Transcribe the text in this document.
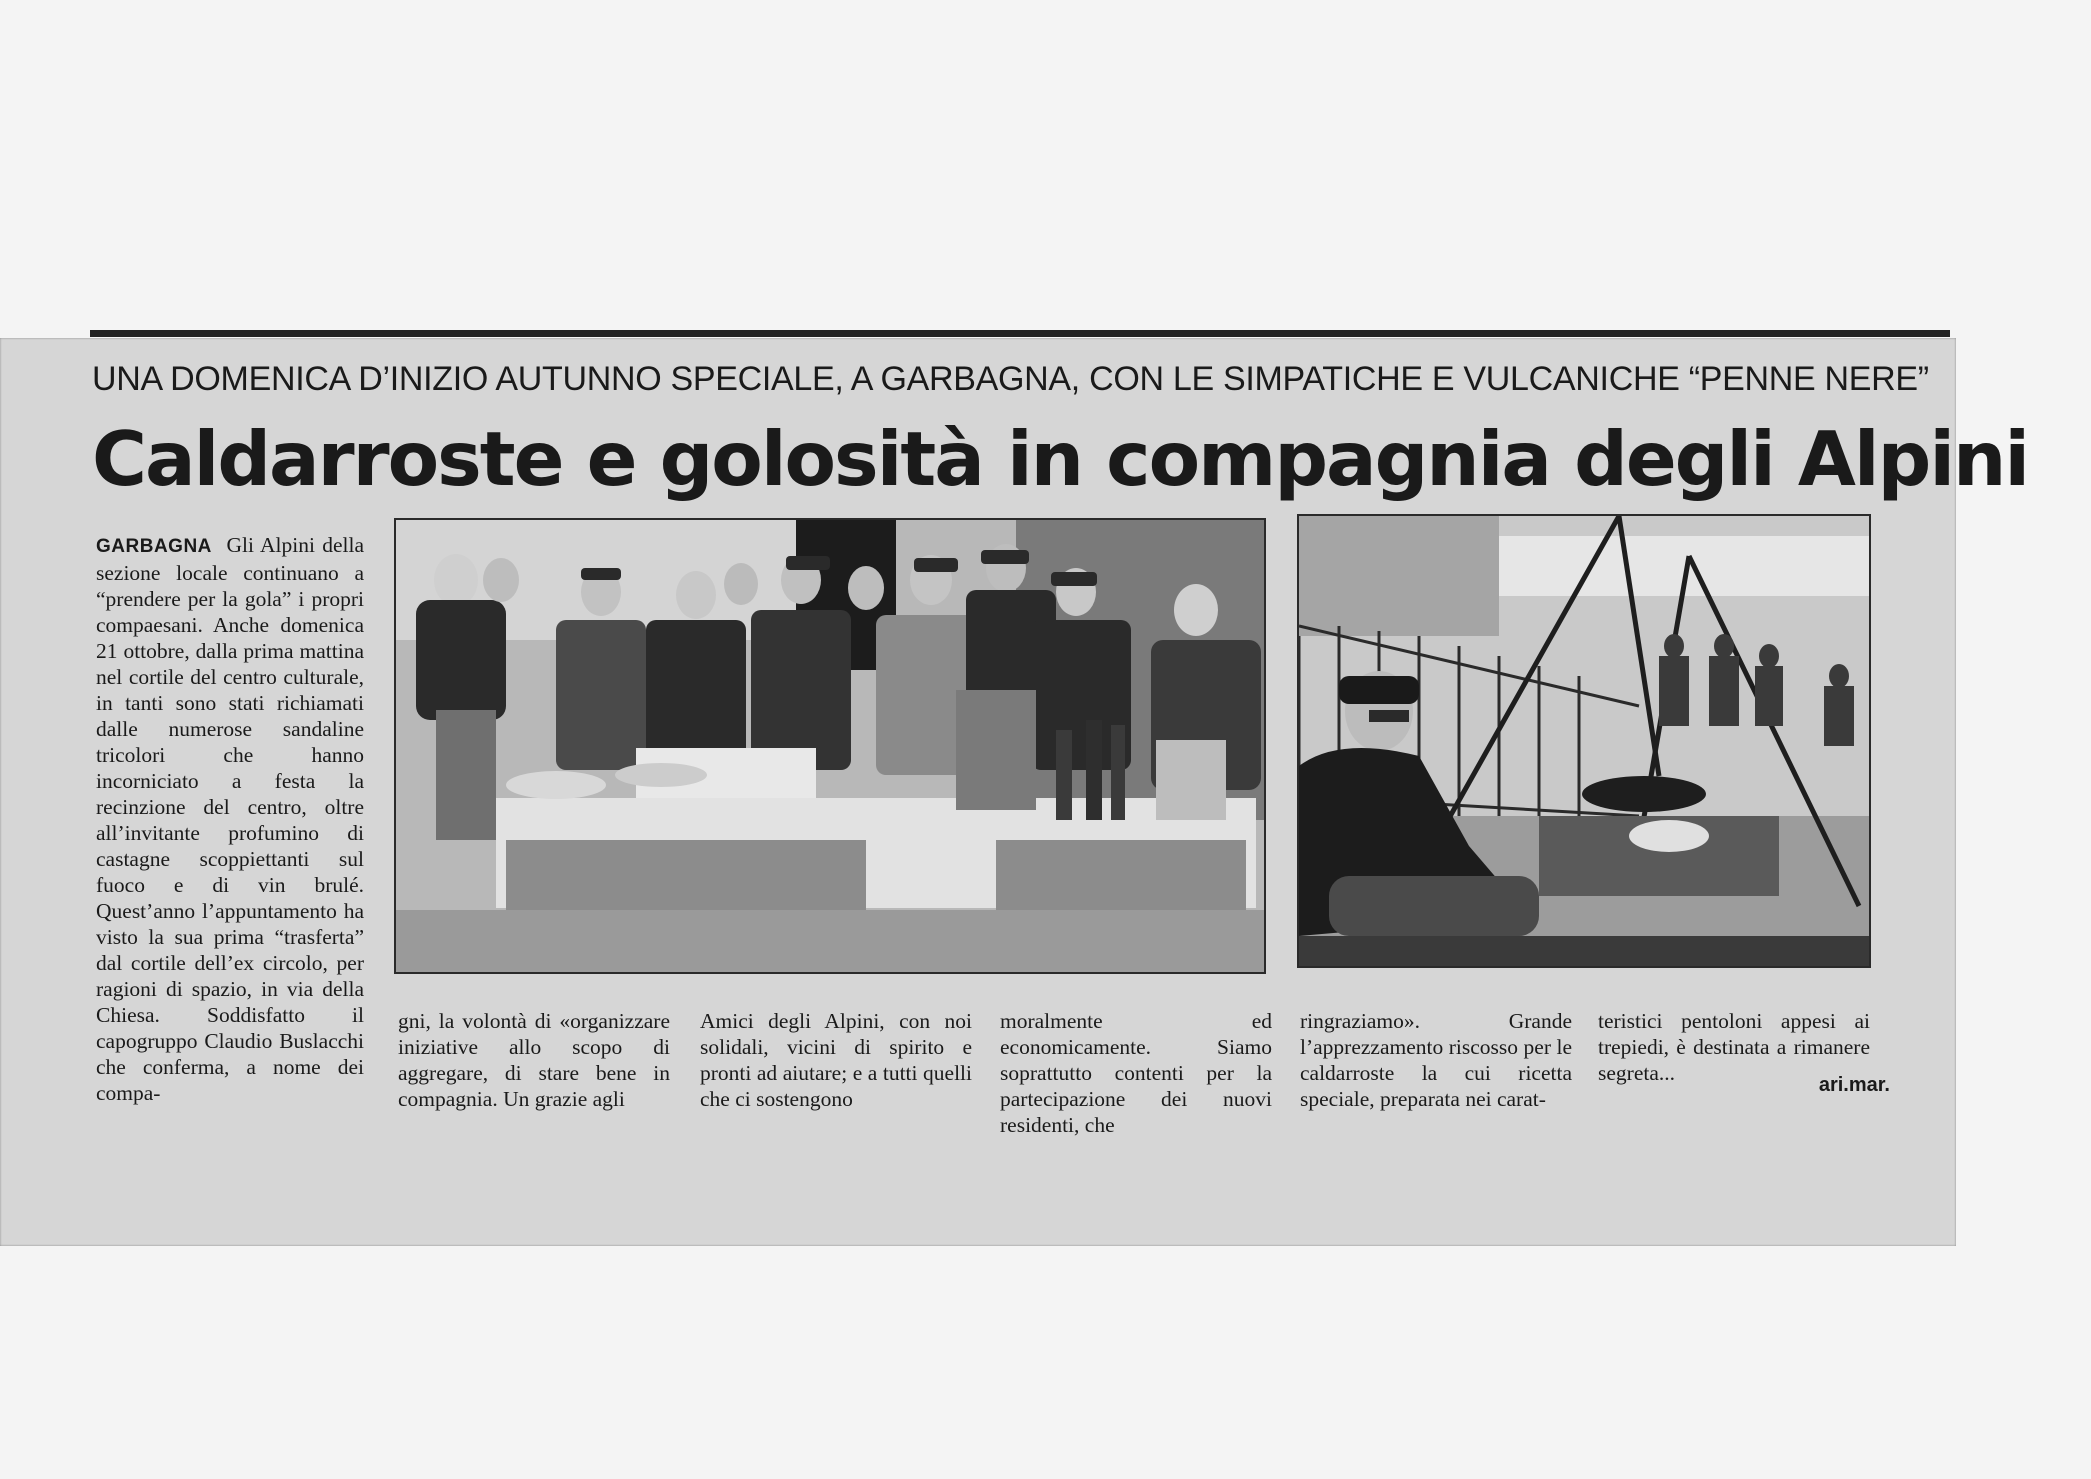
UNA DOMENICA D’INIZIO AUTUNNO SPECIALE, A GARBAGNA, CON LE SIMPATICHE E VULCANICHE “PENNE NERE”
Caldarroste e golosità in compagnia degli Alpini
GARBAGNA Gli Alpini della sezione locale continuano a “prendere per la gola” i propri compaesani. Anche domenica 21 ottobre, dalla prima mattina nel cortile del centro culturale, in tanti sono stati richiamati dalle numerose sandaline tricolori che hanno incorniciato a festa la recinzione del centro, oltre all’invitante profumino di castagne scoppiettanti sul fuoco e di vin brulé. Quest’anno l’appuntamento ha visto la sua prima “trasferta” dal cortile dell’ex circolo, per ragioni di spazio, in via della Chiesa. Soddisfatto il capogruppo Claudio Buslacchi che conferma, a nome dei compa-
gni, la volontà di «organizzare iniziative allo scopo di aggregare, di stare bene in compagnia. Un grazie agli
Amici degli Alpini, con noi solidali, vicini di spirito e pronti ad aiutare; e a tutti quelli che ci sostengono
moralmente ed economicamente. Siamo soprattutto contenti per la partecipazione dei nuovi residenti, che
ringraziamo». Grande l’apprezzamento riscosso per le caldarroste la cui ricetta speciale, preparata nei carat-
teristici pentoloni appesi ai trepiedi, è destinata a rimanere segreta...	ari.mar.
